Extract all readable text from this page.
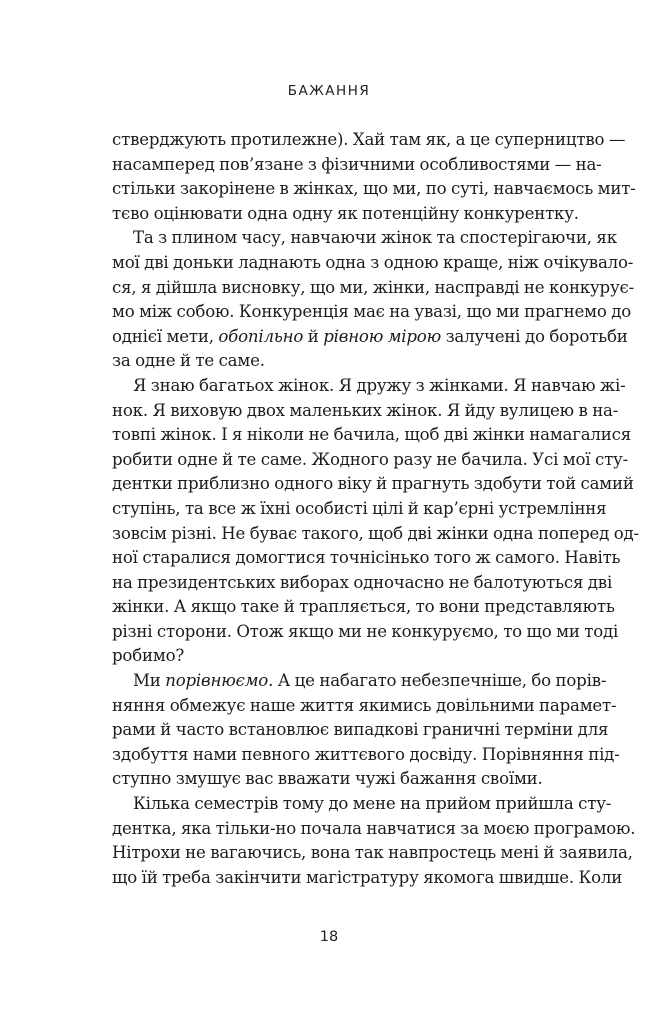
БАЖАННЯ
стверджують протилежне). Хай там як, а це суперництво —
насамперед пов’язане з фізичними особливостями — на-
стільки закорінене в жінках, що ми, по суті, навчаємось мит-
тєво оцінювати одна одну як потенційну конкурентку.
Та з плином часу, навчаючи жінок та спостерігаючи, як
мої дві доньки ладнають одна з одною краще, ніж очікувало-
ся, я дійшла висновку, що ми, жінки, насправді не конкурує-
мо між собою. Конкуренція має на увазі, що ми прагнемо до
однієї мети, обопільно й рівною мірою залучені до боротьби
за одне й те саме.
Я знаю багатьох жінок. Я дружу з жінками. Я навчаю жі-
нок. Я виховую двох маленьких жінок. Я йду вулицею в на-
товпі жінок. І я ніколи не бачила, щоб дві жінки намагалися
робити одне й те саме. Жодного разу не бачила. Усі мої сту-
дентки приблизно одного віку й прагнуть здобути той самий
ступінь, та все ж їхні особисті цілі й кар’єрні устремління
зовсім різні. Не буває такого, щоб дві жінки одна поперед од-
ної старалися домогтися точнісінько того ж самого. Навіть
на президентських виборах одночасно не балотуються дві
жінки. А якщо таке й трапляється, то вони представляють
різні сторони. Отож якщо ми не конкуруємо, то що ми тоді
робимо?
Ми порівнюємо. А це набагато небезпечніше, бо порів-
няння обмежує наше життя якимись довільними парамет-
рами й часто встановлює випадкові граничні терміни для
здобуття нами певного життєвого досвіду. Порівняння під-
ступно змушує вас вважати чужі бажання своїми.
Кілька семестрів тому до мене на прийом прийшла сту-
дентка, яка тільки-но почала навчатися за моєю програмою.
Нітрохи не вагаючись, вона так навпростець мені й заявила,
що їй треба закінчити магістратуру якомога швидше. Коли
18
